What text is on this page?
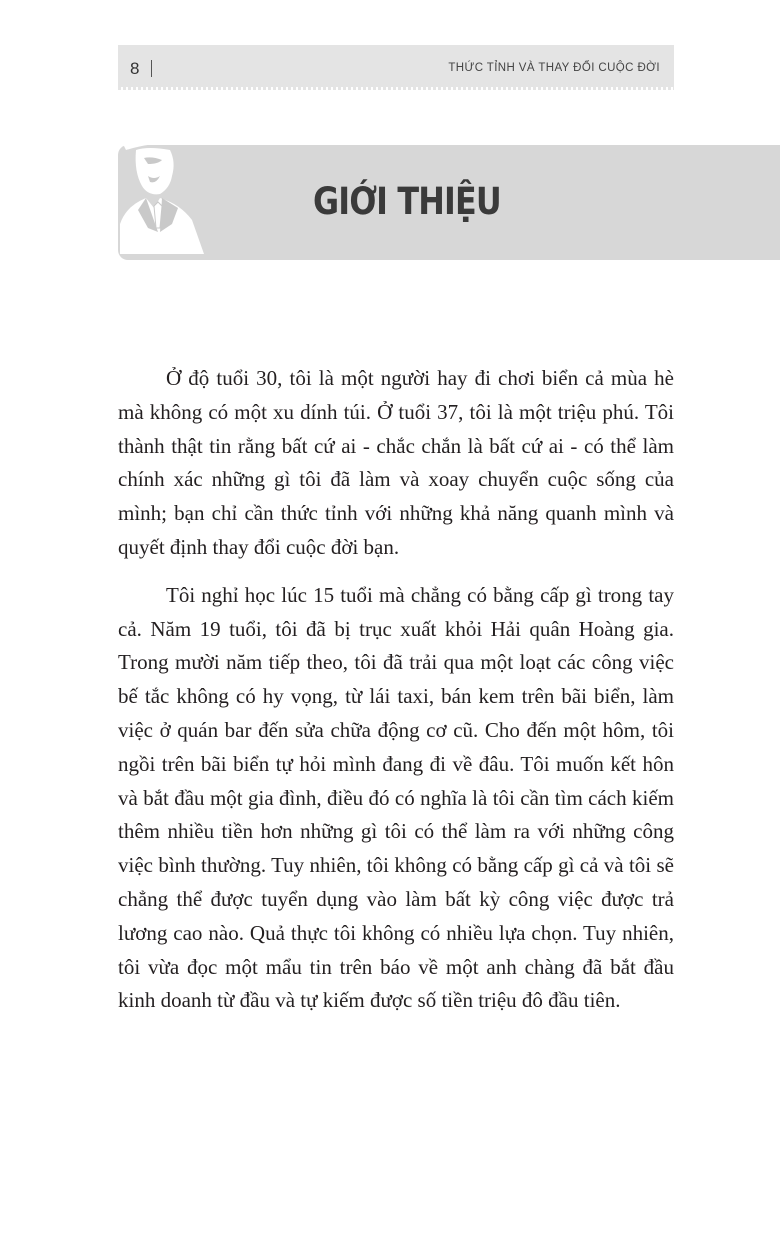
8	THỨC TỈNH VÀ THAY ĐỔI CUỘC ĐỜI
GIỚI THIỆU

Ở độ tuổi 30, tôi là một người hay đi chơi biển cả mùa hè mà không có một xu dính túi. Ở tuổi 37, tôi là một triệu phú. Tôi thành thật tin rằng bất cứ ai - chắc chắn là bất cứ ai - có thể làm chính xác những gì tôi đã làm và xoay chuyển cuộc sống của mình; bạn chỉ cần thức tỉnh với những khả năng quanh mình và quyết định thay đổi cuộc đời bạn.

Tôi nghỉ học lúc 15 tuổi mà chẳng có bằng cấp gì trong tay cả. Năm 19 tuổi, tôi đã bị trục xuất khỏi Hải quân Hoàng gia. Trong mười năm tiếp theo, tôi đã trải qua một loạt các công việc bế tắc không có hy vọng, từ lái taxi, bán kem trên bãi biển, làm việc ở quán bar đến sửa chữa động cơ cũ. Cho đến một hôm, tôi ngồi trên bãi biển tự hỏi mình đang đi về đâu. Tôi muốn kết hôn và bắt đầu một gia đình, điều đó có nghĩa là tôi cần tìm cách kiếm thêm nhiều tiền hơn những gì tôi có thể làm ra với những công việc bình thường. Tuy nhiên, tôi không có bằng cấp gì cả và tôi sẽ chẳng thể được tuyển dụng vào làm bất kỳ công việc được trả lương cao nào. Quả thực tôi không có nhiều lựa chọn. Tuy nhiên, tôi vừa đọc một mẩu tin trên báo về một anh chàng đã bắt đầu kinh doanh từ đầu và tự kiếm được số tiền triệu đô đầu tiên.
